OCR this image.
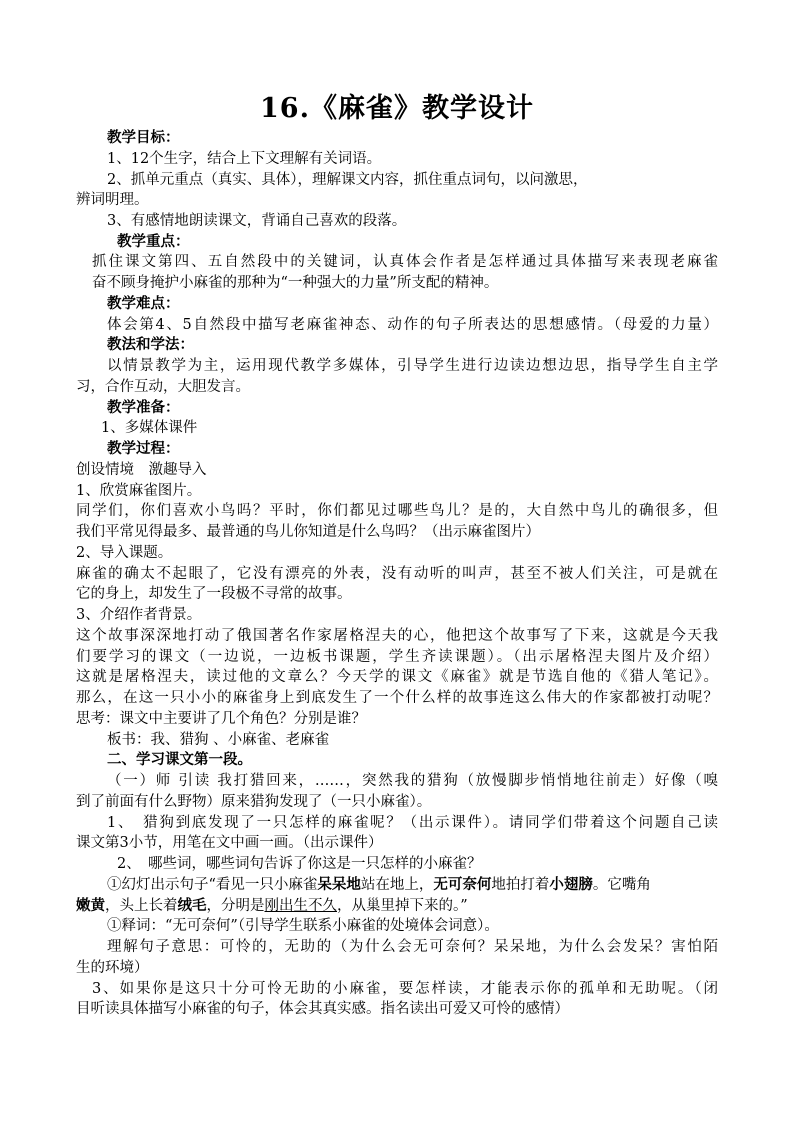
16.《麻雀》教学设计
教学目标：
1、12个生字，结合上下文理解有关词语。
2、抓单元重点（真实、具体），理解课文内容，抓住重点词句，以问激思，
辨词明理。
3、有感情地朗读课文，背诵自己喜欢的段落。
教学重点：
抓住课文第四、五自然段中的关键词，认真体会作者是怎样通过具体描写来表现老麻雀
奋不顾身掩护小麻雀的那种为“一种强大的力量”所支配的精神。
教学难点：
体会第4、5自然段中描写老麻雀神态、动作的句子所表达的思想感情。（母爱的力量）
教法和学法：
以情景教学为主，运用现代教学多媒体，引导学生进行边读边想边思，指导学生自主学
习，合作互动，大胆发言。
教学准备：
1、多媒体课件
教学过程：
创设情境　激趣导入
1、欣赏麻雀图片。
同学们，你们喜欢小鸟吗？平时，你们都见过哪些鸟儿？是的，大自然中鸟儿的确很多，但
我们平常见得最多、最普通的鸟儿你知道是什么鸟吗？（出示麻雀图片）
2、导入课题。
麻雀的确太不起眼了，它没有漂亮的外表，没有动听的叫声，甚至不被人们关注，可是就在
它的身上，却发生了一段极不寻常的故事。
3、介绍作者背景。
这个故事深深地打动了俄国著名作家屠格涅夫的心，他把这个故事写了下来，这就是今天我
们要学习的课文（一边说，一边板书课题，学生齐读课题）。（出示屠格涅夫图片及介绍）
这就是屠格涅夫，读过他的文章么？今天学的课文《麻雀》就是节选自他的《猎人笔记》。
那么，在这一只小小的麻雀身上到底发生了一个什么样的故事连这么伟大的作家都被打动呢？
思考：课文中主要讲了几个角色？分别是谁？
板书：我、猎狗 、小麻雀、老麻雀
二、学习课文第一段。
（一）师 引读 我打猎回来，……，突然我的猎狗（放慢脚步悄悄地往前走）好像（嗅
到了前面有什么野物）原来猎狗发现了（一只小麻雀）。
1、　猎狗到底发现了一只怎样的麻雀呢？（出示课件）。请同学们带着这个问题自己读
课文第3小节，用笔在文中画一画。（出示课件）
2、　哪些词，哪些词句告诉了你这是一只怎样的小麻雀？
①幻灯出示句子“看见一只小麻雀呆呆地站在地上，无可奈何地拍打着小翅膀。它嘴角
嫩黄，头上长着绒毛，分明是刚出生不久，从巢里掉下来的。”
①释词：“无可奈何”（引导学生联系小麻雀的处境体会词意）。
理解句子意思：可怜的，无助的（为什么会无可奈何？呆呆地，为什么会发呆？害怕陌
生的环境）
3、如果你是这只十分可怜无助的小麻雀，要怎样读，才能表示你的孤单和无助呢。（闭
目听读具体描写小麻雀的句子，体会其真实感。指名读出可爱又可怜的感情）
